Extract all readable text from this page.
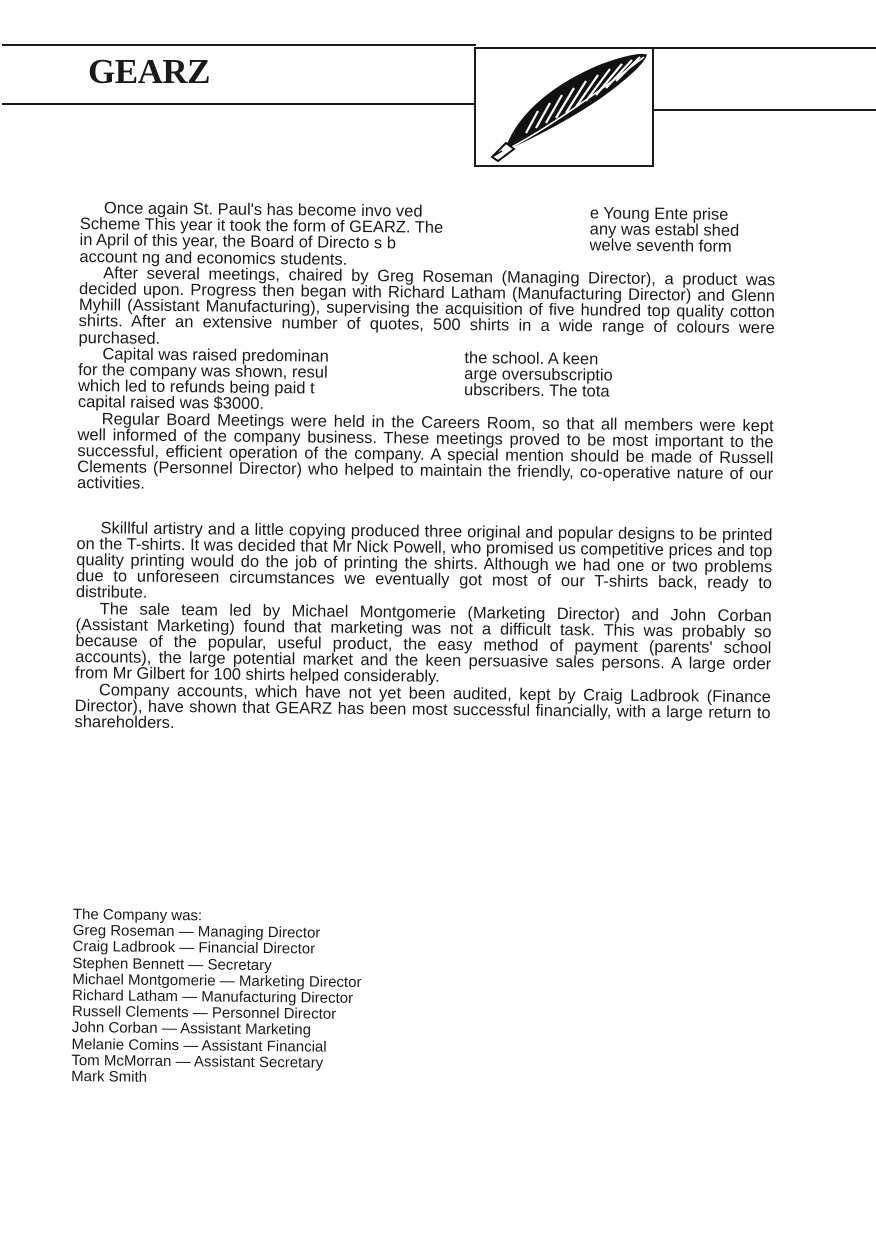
GEARZ
Once again St. Paul's has become invo ved
Scheme This year it took the form of GEARZ. The
in April of this year, the Board of Directo s b
account ng and economics students.
e Young Ente prise
any was establ shed
welve seventh form

After several meetings, chaired by Greg Roseman (Managing Director), a product was decided upon. Progress then began with Richard Latham (Manufacturing Director) and Glenn Myhill (Assistant Manufacturing), supervising the acquisition of five hundred top quality cotton shirts. After an extensive number of quotes, 500 shirts in a wide range of colours were purchased.

Capital was raised predominan
for the company was shown, resul
which led to refunds being paid t
capital raised was $3000.
the school. A keen
arge oversubscriptio
ubscribers. The tota

Regular Board Meetings were held in the Careers Room, so that all members were kept well informed of the company business. These meetings proved to be most important to the successful, efficient operation of the company. A special mention should be made of Russell Clements (Personnel Director) who helped to maintain the friendly, co-operative nature of our activities.

Skillful artistry and a little copying produced three original and popular designs to be printed on the T-shirts. It was decided that Mr Nick Powell, who promised us competitive prices and top quality printing would do the job of printing the shirts. Although we had one or two problems due to unforeseen circumstances we eventually got most of our T-shirts back, ready to distribute.

The sale team led by Michael Montgomerie (Marketing Director) and John Corban (Assistant Marketing) found that marketing was not a difficult task. This was probably so because of the popular, useful product, the easy method of payment (parents' school accounts), the large potential market and the keen persuasive sales persons. A large order from Mr Gilbert for 100 shirts helped considerably.

Company accounts, which have not yet been audited, kept by Craig Ladbrook (Finance Director), have shown that GEARZ has been most successful financially, with a large return to shareholders.

The Company was:
Greg Roseman — Managing Director
Craig Ladbrook — Financial Director
Stephen Bennett — Secretary
Michael Montgomerie — Marketing Director
Richard Latham — Manufacturing Director
Russell Clements — Personnel Director
John Corban — Assistant Marketing
Melanie Comins — Assistant Financial
Tom McMorran — Assistant Secretary
Mark Smith
